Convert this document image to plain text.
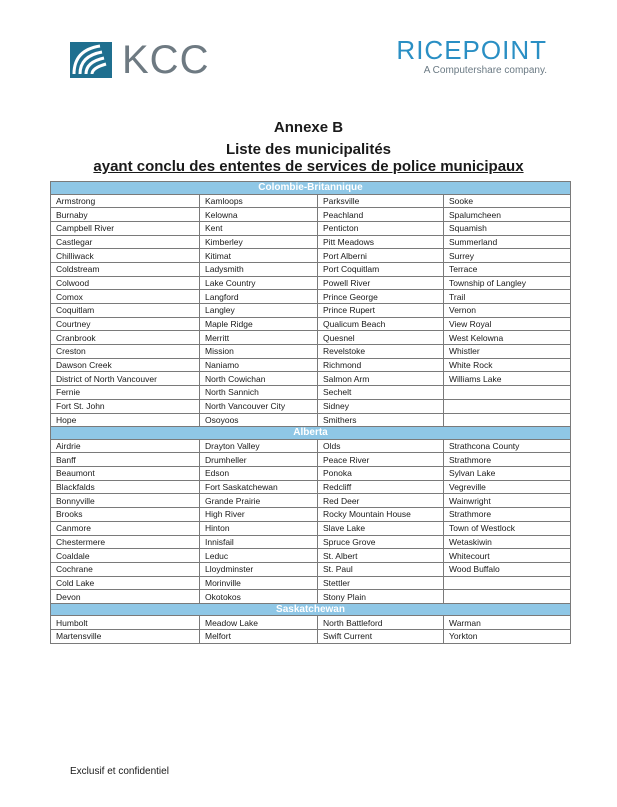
KCC	RICEPOINT
A Computershare company.
Annexe B
Liste des municipalités
ayant conclu des ententes de services de police municipaux
Colombie-Britannique			
Armstrong	Kamloops	Parksville	Sooke
Burnaby	Kelowna	Peachland	Spalumcheen
Campbell River	Kent	Penticton	Squamish
Castlegar	Kimberley	Pitt Meadows	Summerland
Chilliwack	Kitimat	Port Alberni	Surrey
Coldstream	Ladysmith	Port Coquitlam	Terrace
Colwood	Lake Country	Powell River	Township of Langley
Comox	Langford	Prince George	Trail
Coquitlam	Langley	Prince Rupert	Vernon
Courtney	Maple Ridge	Qualicum Beach	View Royal
Cranbrook	Merritt	Quesnel	West Kelowna
Creston	Mission	Revelstoke	Whistler
Dawson Creek	Naniamo	Richmond	White Rock
District of North Vancouver	North Cowichan	Salmon Arm	Williams Lake
Fernie	North Sannich	Sechelt	
Fort St. John	North Vancouver City	Sidney	
Hope	Osoyoos	Smithers	
Alberta			
Airdrie	Drayton Valley	Olds	Strathcona County
Banff	Drumheller	Peace River	Strathmore
Beaumont	Edson	Ponoka	Sylvan Lake
Blackfalds	Fort Saskatchewan	Redcliff	Vegreville
Bonnyville	Grande Prairie	Red Deer	Wainwright
Brooks	High River	Rocky Mountain House	Strathmore
Canmore	Hinton	Slave Lake	Town of Westlock
Chestermere	Innisfail	Spruce Grove	Wetaskiwin
Coaldale	Leduc	St. Albert	Whitecourt
Cochrane	Lloydminster	St. Paul	Wood Buffalo
Cold Lake	Morinville	Stettler	
Devon	Okotokos	Stony Plain	
Saskatchewan			
Humbolt	Meadow Lake	North Battleford	Warman
Martensville	Melfort	Swift Current	Yorkton
Exclusif et confidentiel
